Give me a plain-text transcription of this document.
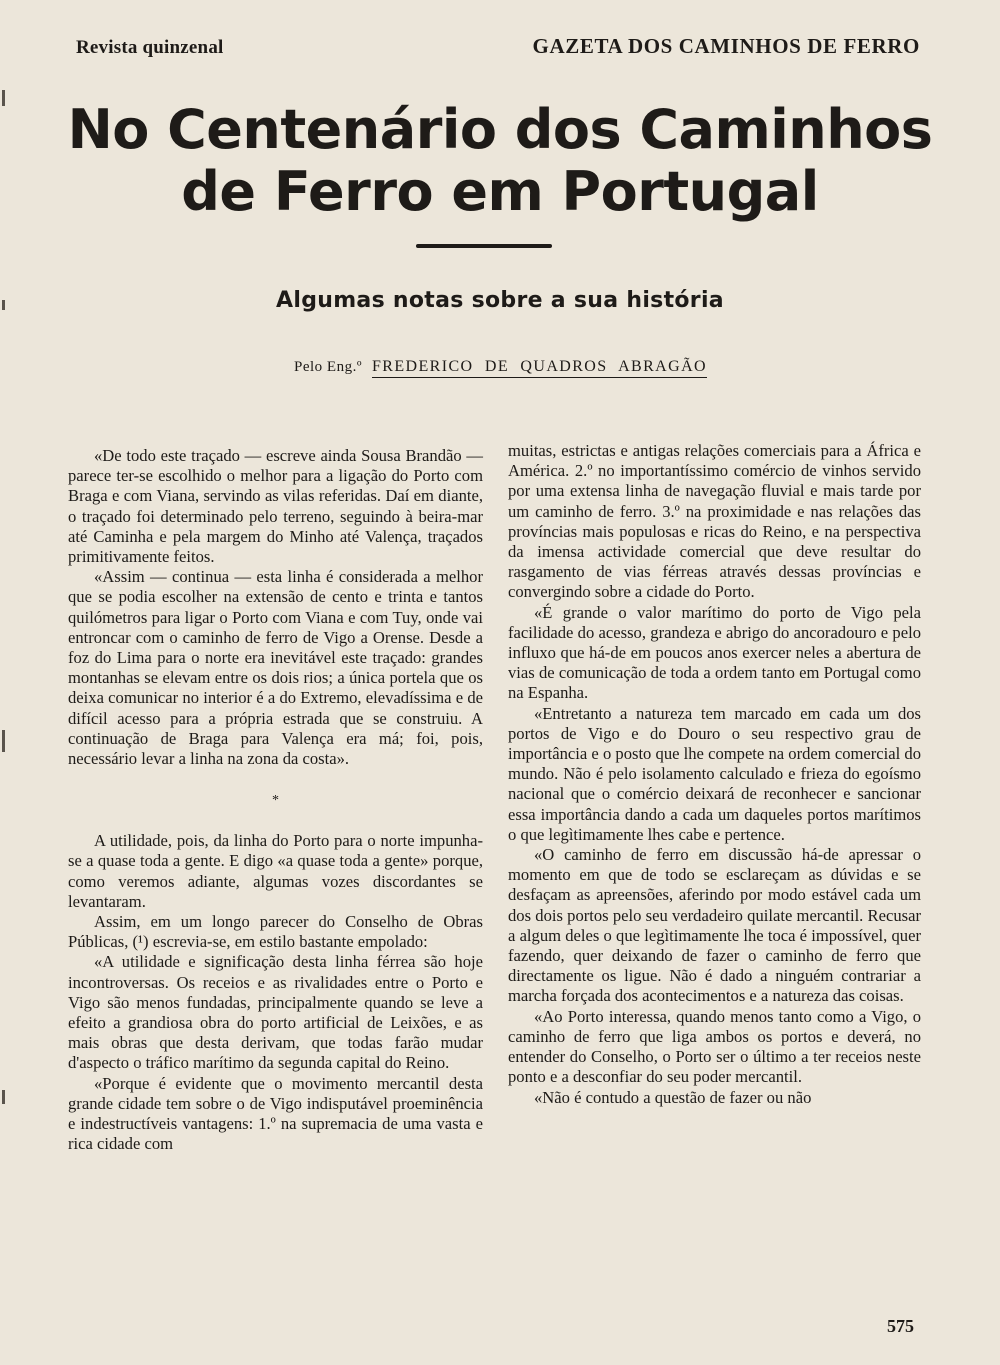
Revista quinzenal	GAZETA DOS CAMINHOS DE FERRO
No Centenário dos Caminhos
de Ferro em Portugal
Algumas notas sobre a sua história
Pelo Eng.º FREDERICO DE QUADROS ABRAGÃO

«De todo este traçado — escreve ainda Sousa Brandão — parece ter-se escolhido o melhor para a ligação do Porto com Braga e com Viana, servindo as vilas referidas. Daí em diante, o traçado foi determinado pelo terreno, seguindo à beira-mar até Caminha e pela margem do Minho até Valença, traçados primitivamente feitos.

«Assim — continua — esta linha é considerada a melhor que se podia escolher na extensão de cento e trinta e tantos quilómetros para ligar o Porto com Viana e com Tuy, onde vai entroncar com o caminho de ferro de Vigo a Orense. Desde a foz do Lima para o norte era inevitável este traçado: grandes montanhas se elevam entre os dois rios; a única portela que os deixa comunicar no interior é a do Extremo, elevadíssima e de difícil acesso para a própria estrada que se construiu. A continuação de Braga para Valença era má; foi, pois, necessário levar a linha na zona da costa».

*

A utilidade, pois, da linha do Porto para o norte impunha-se a quase toda a gente. E digo «a quase toda a gente» porque, como veremos adiante, algumas vozes discordantes se levantaram.

Assim, em um longo parecer do Conselho de Obras Públicas, (¹) escrevia-se, em estilo bastante empolado:

«A utilidade e significação desta linha férrea são hoje incontroversas. Os receios e as rivalidades entre o Porto e Vigo são menos fundadas, principalmente quando se leve a efeito a grandiosa obra do porto artificial de Leixões, e as mais obras que desta derivam, que todas farão mudar d'aspecto o tráfico marítimo da segunda capital do Reino.

«Porque é evidente que o movimento mercantil desta grande cidade tem sobre o de Vigo indisputável proeminência e indestructíveis vantagens: 1.º na supremacia de uma vasta e rica cidade com

muitas, estrictas e antigas relações comerciais para a África e América. 2.º no importantíssimo comércio de vinhos servido por uma extensa linha de navegação fluvial e mais tarde por um caminho de ferro. 3.º na proximidade e nas relações das províncias mais populosas e ricas do Reino, e na perspectiva da imensa actividade comercial que deve resultar do rasgamento de vias férreas através dessas províncias e convergindo sobre a cidade do Porto.

«É grande o valor marítimo do porto de Vigo pela facilidade do acesso, grandeza e abrigo do ancoradouro e pelo influxo que há-de em poucos anos exercer neles a abertura de vias de comunicação de toda a ordem tanto em Portugal como na Espanha.

«Entretanto a natureza tem marcado em cada um dos portos de Vigo e do Douro o seu respectivo grau de importância e o posto que lhe compete na ordem comercial do mundo. Não é pelo isolamento calculado e frieza do egoísmo nacional que o comércio deixará de reconhecer e sancionar essa importância dando a cada um daqueles portos marítimos o que legìtimamente lhes cabe e pertence.

«O caminho de ferro em discussão há-de apressar o momento em que de todo se esclareçam as dúvidas e se desfaçam as apreensões, aferindo por modo estável cada um dos dois portos pelo seu verdadeiro quilate mercantil. Recusar a algum deles o que legìtimamente lhe toca é impossível, quer fazendo, quer deixando de fazer o caminho de ferro que directamente os ligue. Não é dado a ninguém contrariar a marcha forçada dos acontecimentos e a natureza das coisas.

«Ao Porto interessa, quando menos tanto como a Vigo, o caminho de ferro que liga ambos os portos e deverá, no entender do Conselho, o Porto ser o último a ter receios neste ponto e a desconfiar do seu poder mercantil.

«Não é contudo a questão de fazer ou não

575
